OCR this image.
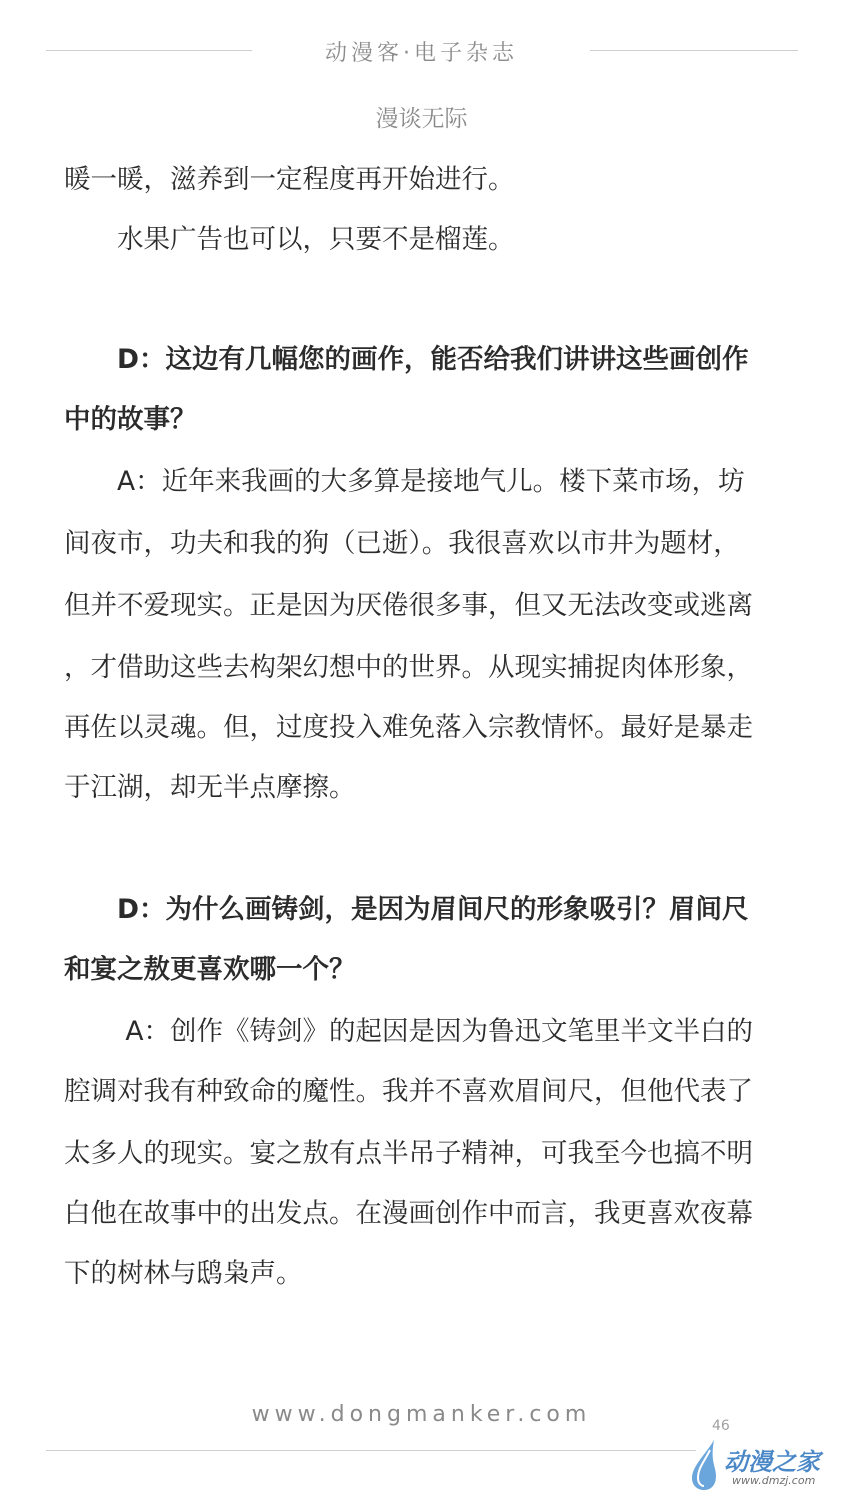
动漫客·电子杂志
漫谈无际
暖一暖，滋养到一定程度再开始进行。
　　水果广告也可以，只要不是榴莲。
　　D：这边有几幅您的画作，能否给我们讲讲这些画创作
中的故事？
　　A：近年来我画的大多算是接地气儿。楼下菜市场，坊
间夜市，功夫和我的狗（已逝）。我很喜欢以市井为题材，
但并不爱现实。正是因为厌倦很多事，但又无法改变或逃离
，才借助这些去构架幻想中的世界。从现实捕捉肉体形象，
再佐以灵魂。但，过度投入难免落入宗教情怀。最好是暴走
于江湖，却无半点摩擦。
　　D：为什么画铸剑，是因为眉间尺的形象吸引？眉间尺
和宴之敖更喜欢哪一个？
　　 A：创作《铸剑》的起因是因为鲁迅文笔里半文半白的
腔调对我有种致命的魔性。我并不喜欢眉间尺，但他代表了
太多人的现实。宴之敖有点半吊子精神，可我至今也搞不明
白他在故事中的出发点。在漫画创作中而言，我更喜欢夜幕
下的树林与鸱枭声。
www.dongmanker.com	46
动漫之家
www.dmzj.com
